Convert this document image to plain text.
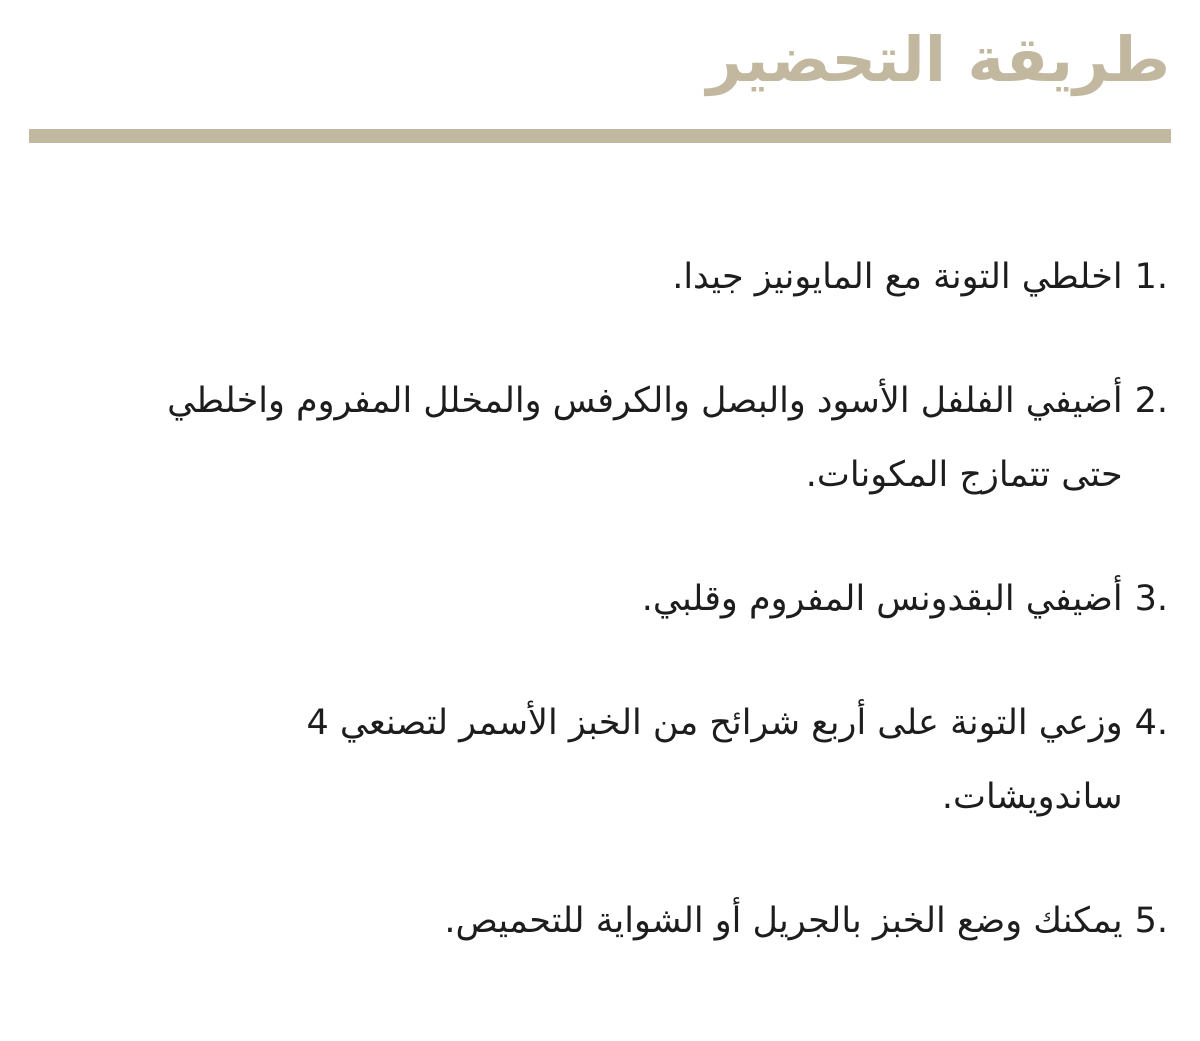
طريقة التحضير
1.
اخلطي التونة مع المايونيز جيدا.
2.
أضيفي الفلفل الأسود والبصل والكرفس والمخلل المفروم واخلطي حتى تتمازج المكونات.
3.
أضيفي البقدونس المفروم وقلبي.
4.
وزعي التونة على أربع شرائح من الخبز الأسمر لتصنعي 4 ساندويشات.
5.
يمكنك وضع الخبز بالجريل أو الشواية للتحميص.
